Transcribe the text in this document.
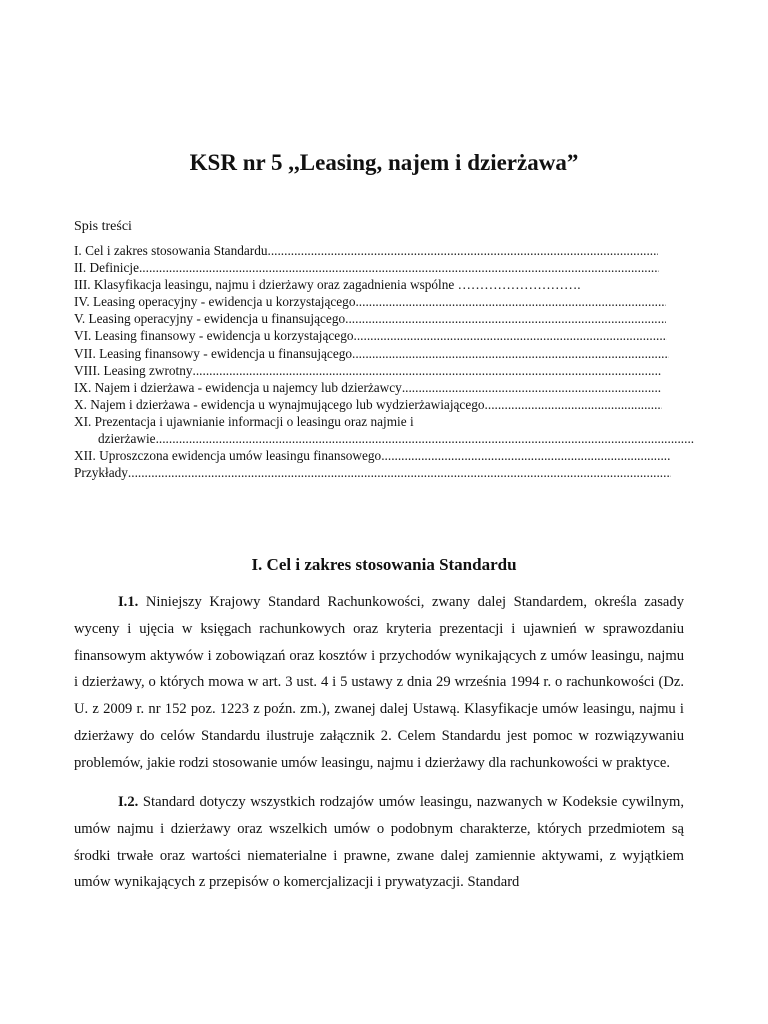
KSR nr 5 ,,Leasing, najem i dzierżawa”
Spis treści
I. Cel i zakres stosowania Standardu
.....
II. Definicje
.....
III. Klasyfikacja leasingu, najmu i dzierżawy oraz zagadnienia wspólne ……………………….
IV. Leasing operacyjny - ewidencja u korzystającego
.....
V. Leasing operacyjny - ewidencja u finansującego
.....
VI. Leasing finansowy - ewidencja u korzystającego
.....
VII. Leasing finansowy - ewidencja u finansującego
.....
VIII. Leasing zwrotny
.....
IX. Najem i dzierżawa - ewidencja u najemcy lub dzierżawcy
.....
X. Najem i dzierżawa - ewidencja u wynajmującego lub wydzierżawiającego
.....
XI. Prezentacja i ujawnianie informacji o leasingu oraz najmie i
dzierżawie
.....
XII. Uproszczona ewidencja umów leasingu finansowego
.....
Przykłady
.....
I. Cel i zakres stosowania Standardu

I.1. Niniejszy Krajowy Standard Rachunkowości, zwany dalej Standardem, określa zasady wyceny i ujęcia w księgach rachunkowych oraz kryteria prezentacji i ujawnień w sprawozdaniu finansowym aktywów i zobowiązań oraz kosztów i przychodów wynikających z umów leasingu, najmu i dzierżawy, o których mowa w art. 3 ust. 4 i 5 ustawy z dnia 29 września 1994 r. o rachunkowości (Dz. U. z 2009 r. nr 152 poz. 1223 z poźn. zm.), zwanej dalej Ustawą. Klasyfikacje umów leasingu, najmu i dzierżawy do celów Standardu ilustruje załącznik 2. Celem Standardu jest pomoc w rozwiązywaniu problemów, jakie rodzi stosowanie umów leasingu, najmu i dzierżawy dla rachunkowości w praktyce.

I.2. Standard dotyczy wszystkich rodzajów umów leasingu, nazwanych w Kodeksie cywilnym, umów najmu i dzierżawy oraz wszelkich umów o podobnym charakterze, których przedmiotem są środki trwałe oraz wartości niematerialne i prawne, zwane dalej zamiennie aktywami, z wyjątkiem umów wynikających z przepisów o komercjalizacji i prywatyzacji. Standard
